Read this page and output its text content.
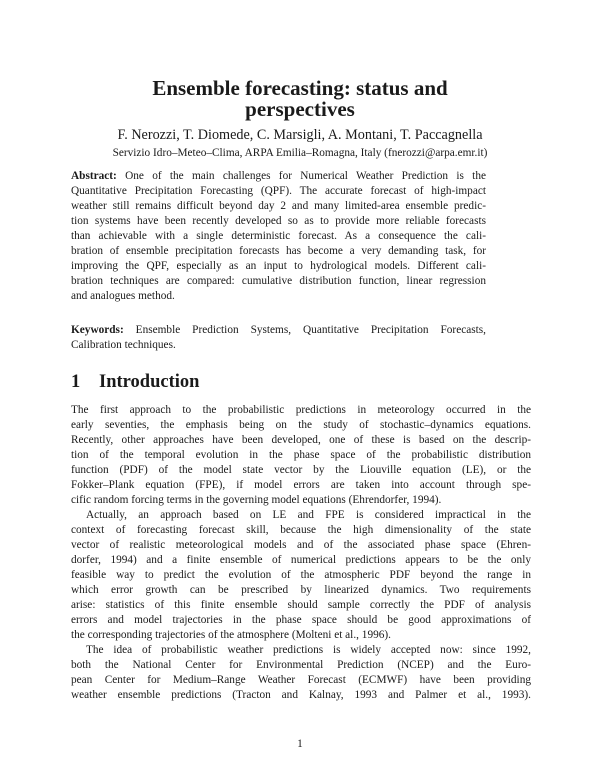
Ensemble forecasting: status and
perspectives
F. Nerozzi, T. Diomede, C. Marsigli, A. Montani, T. Paccagnella
Servizio Idro–Meteo–Clima, ARPA Emilia–Romagna, Italy (fnerozzi@arpa.emr.it)
Abstract: One of the main challenges for Numerical Weather Prediction is the
Quantitative Precipitation Forecasting (QPF). The accurate forecast of high-impact
weather still remains difficult beyond day 2 and many limited-area ensemble predic-
tion systems have been recently developed so as to provide more reliable forecasts
than achievable with a single deterministic forecast. As a consequence the cali-
bration of ensemble precipitation forecasts has become a very demanding task, for
improving the QPF, especially as an input to hydrological models. Different cali-
bration techniques are compared: cumulative distribution function, linear regression
and analogues method.
Keywords: Ensemble Prediction Systems, Quantitative Precipitation Forecasts,
Calibration techniques.
1 Introduction
The first approach to the probabilistic predictions in meteorology occurred in the
early seventies, the emphasis being on the study of stochastic–dynamics equations.
Recently, other approaches have been developed, one of these is based on the descrip-
tion of the temporal evolution in the phase space of the probabilistic distribution
function (PDF) of the model state vector by the Liouville equation (LE), or the
Fokker–Plank equation (FPE), if model errors are taken into account through spe-
cific random forcing terms in the governing model equations (Ehrendorfer, 1994).
Actually, an approach based on LE and FPE is considered impractical in the
context of forecasting forecast skill, because the high dimensionality of the state
vector of realistic meteorological models and of the associated phase space (Ehren-
dorfer, 1994) and a finite ensemble of numerical predictions appears to be the only
feasible way to predict the evolution of the atmospheric PDF beyond the range in
which error growth can be prescribed by linearized dynamics. Two requirements
arise: statistics of this finite ensemble should sample correctly the PDF of analysis
errors and model trajectories in the phase space should be good approximations of
the corresponding trajectories of the atmosphere (Molteni et al., 1996).
The idea of probabilistic weather predictions is widely accepted now: since 1992,
both the National Center for Environmental Prediction (NCEP) and the Euro-
pean Center for Medium–Range Weather Forecast (ECMWF) have been providing
weather ensemble predictions (Tracton and Kalnay, 1993 and Palmer et al., 1993).
1
